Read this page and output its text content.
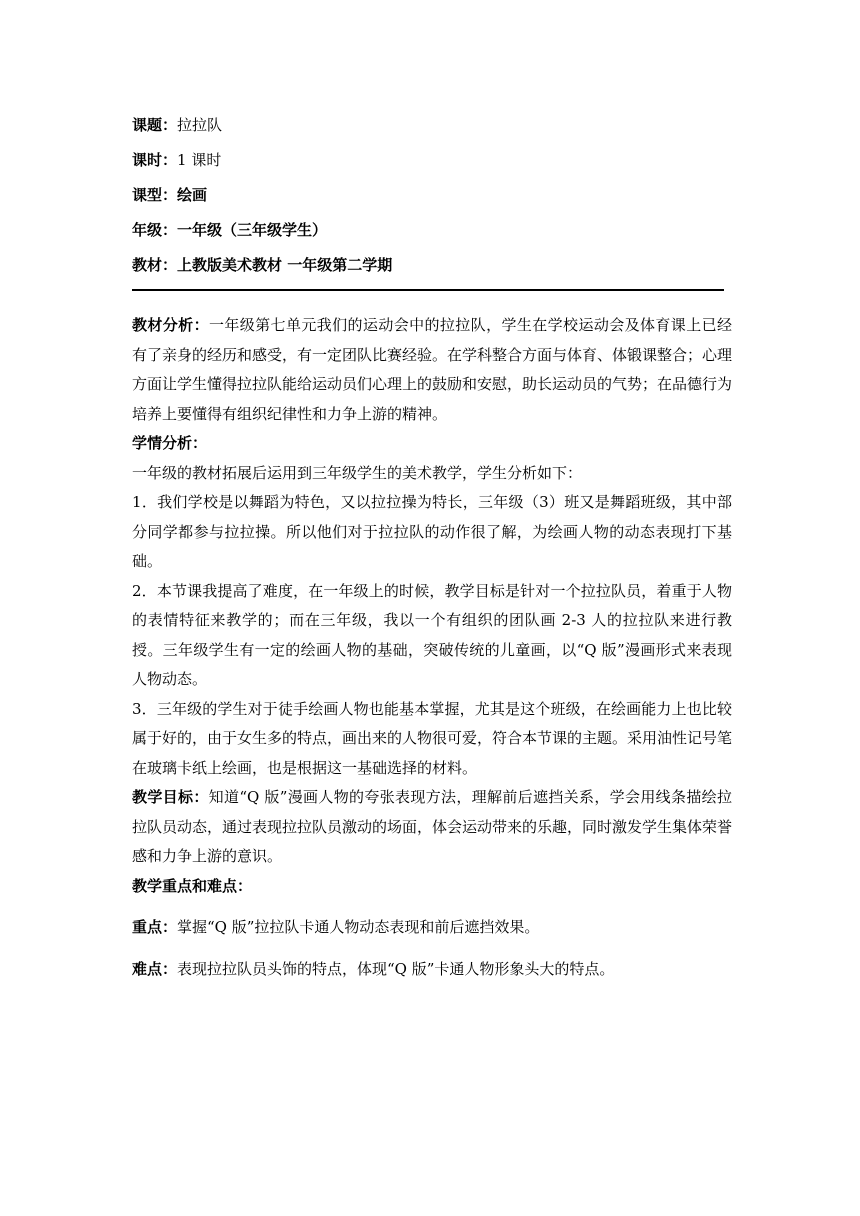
课题：拉拉队
课时：1 课时
课型：绘画
年级：一年级（三年级学生）
教材：上教版美术教材 一年级第二学期

教材分析：一年级第七单元我们的运动会中的拉拉队，学生在学校运动会及体育课上已经有了亲身的经历和感受，有一定团队比赛经验。在学科整合方面与体育、体锻课整合；心理方面让学生懂得拉拉队能给运动员们心理上的鼓励和安慰，助长运动员的气势；在品德行为培养上要懂得有组织纪律性和力争上游的精神。

学情分析：

一年级的教材拓展后运用到三年级学生的美术教学，学生分析如下：

1．我们学校是以舞蹈为特色，又以拉拉操为特长，三年级（3）班又是舞蹈班级，其中部分同学都参与拉拉操。所以他们对于拉拉队的动作很了解，为绘画人物的动态表现打下基础。

2．本节课我提高了难度，在一年级上的时候，教学目标是针对一个拉拉队员，着重于人物的表情特征来教学的；而在三年级，我以一个有组织的团队画 2-3 人的拉拉队来进行教授。三年级学生有一定的绘画人物的基础，突破传统的儿童画，以“Q 版”漫画形式来表现人物动态。

3．三年级的学生对于徒手绘画人物也能基本掌握，尤其是这个班级，在绘画能力上也比较属于好的，由于女生多的特点，画出来的人物很可爱，符合本节课的主题。采用油性记号笔在玻璃卡纸上绘画，也是根据这一基础选择的材料。

教学目标：知道“Q 版”漫画人物的夸张表现方法，理解前后遮挡关系，学会用线条描绘拉拉队员动态，通过表现拉拉队员激动的场面，体会运动带来的乐趣，同时激发学生集体荣誉感和力争上游的意识。

教学重点和难点：

重点：掌握“Q 版”拉拉队卡通人物动态表现和前后遮挡效果。

难点：表现拉拉队员头饰的特点，体现“Q 版”卡通人物形象头大的特点。
